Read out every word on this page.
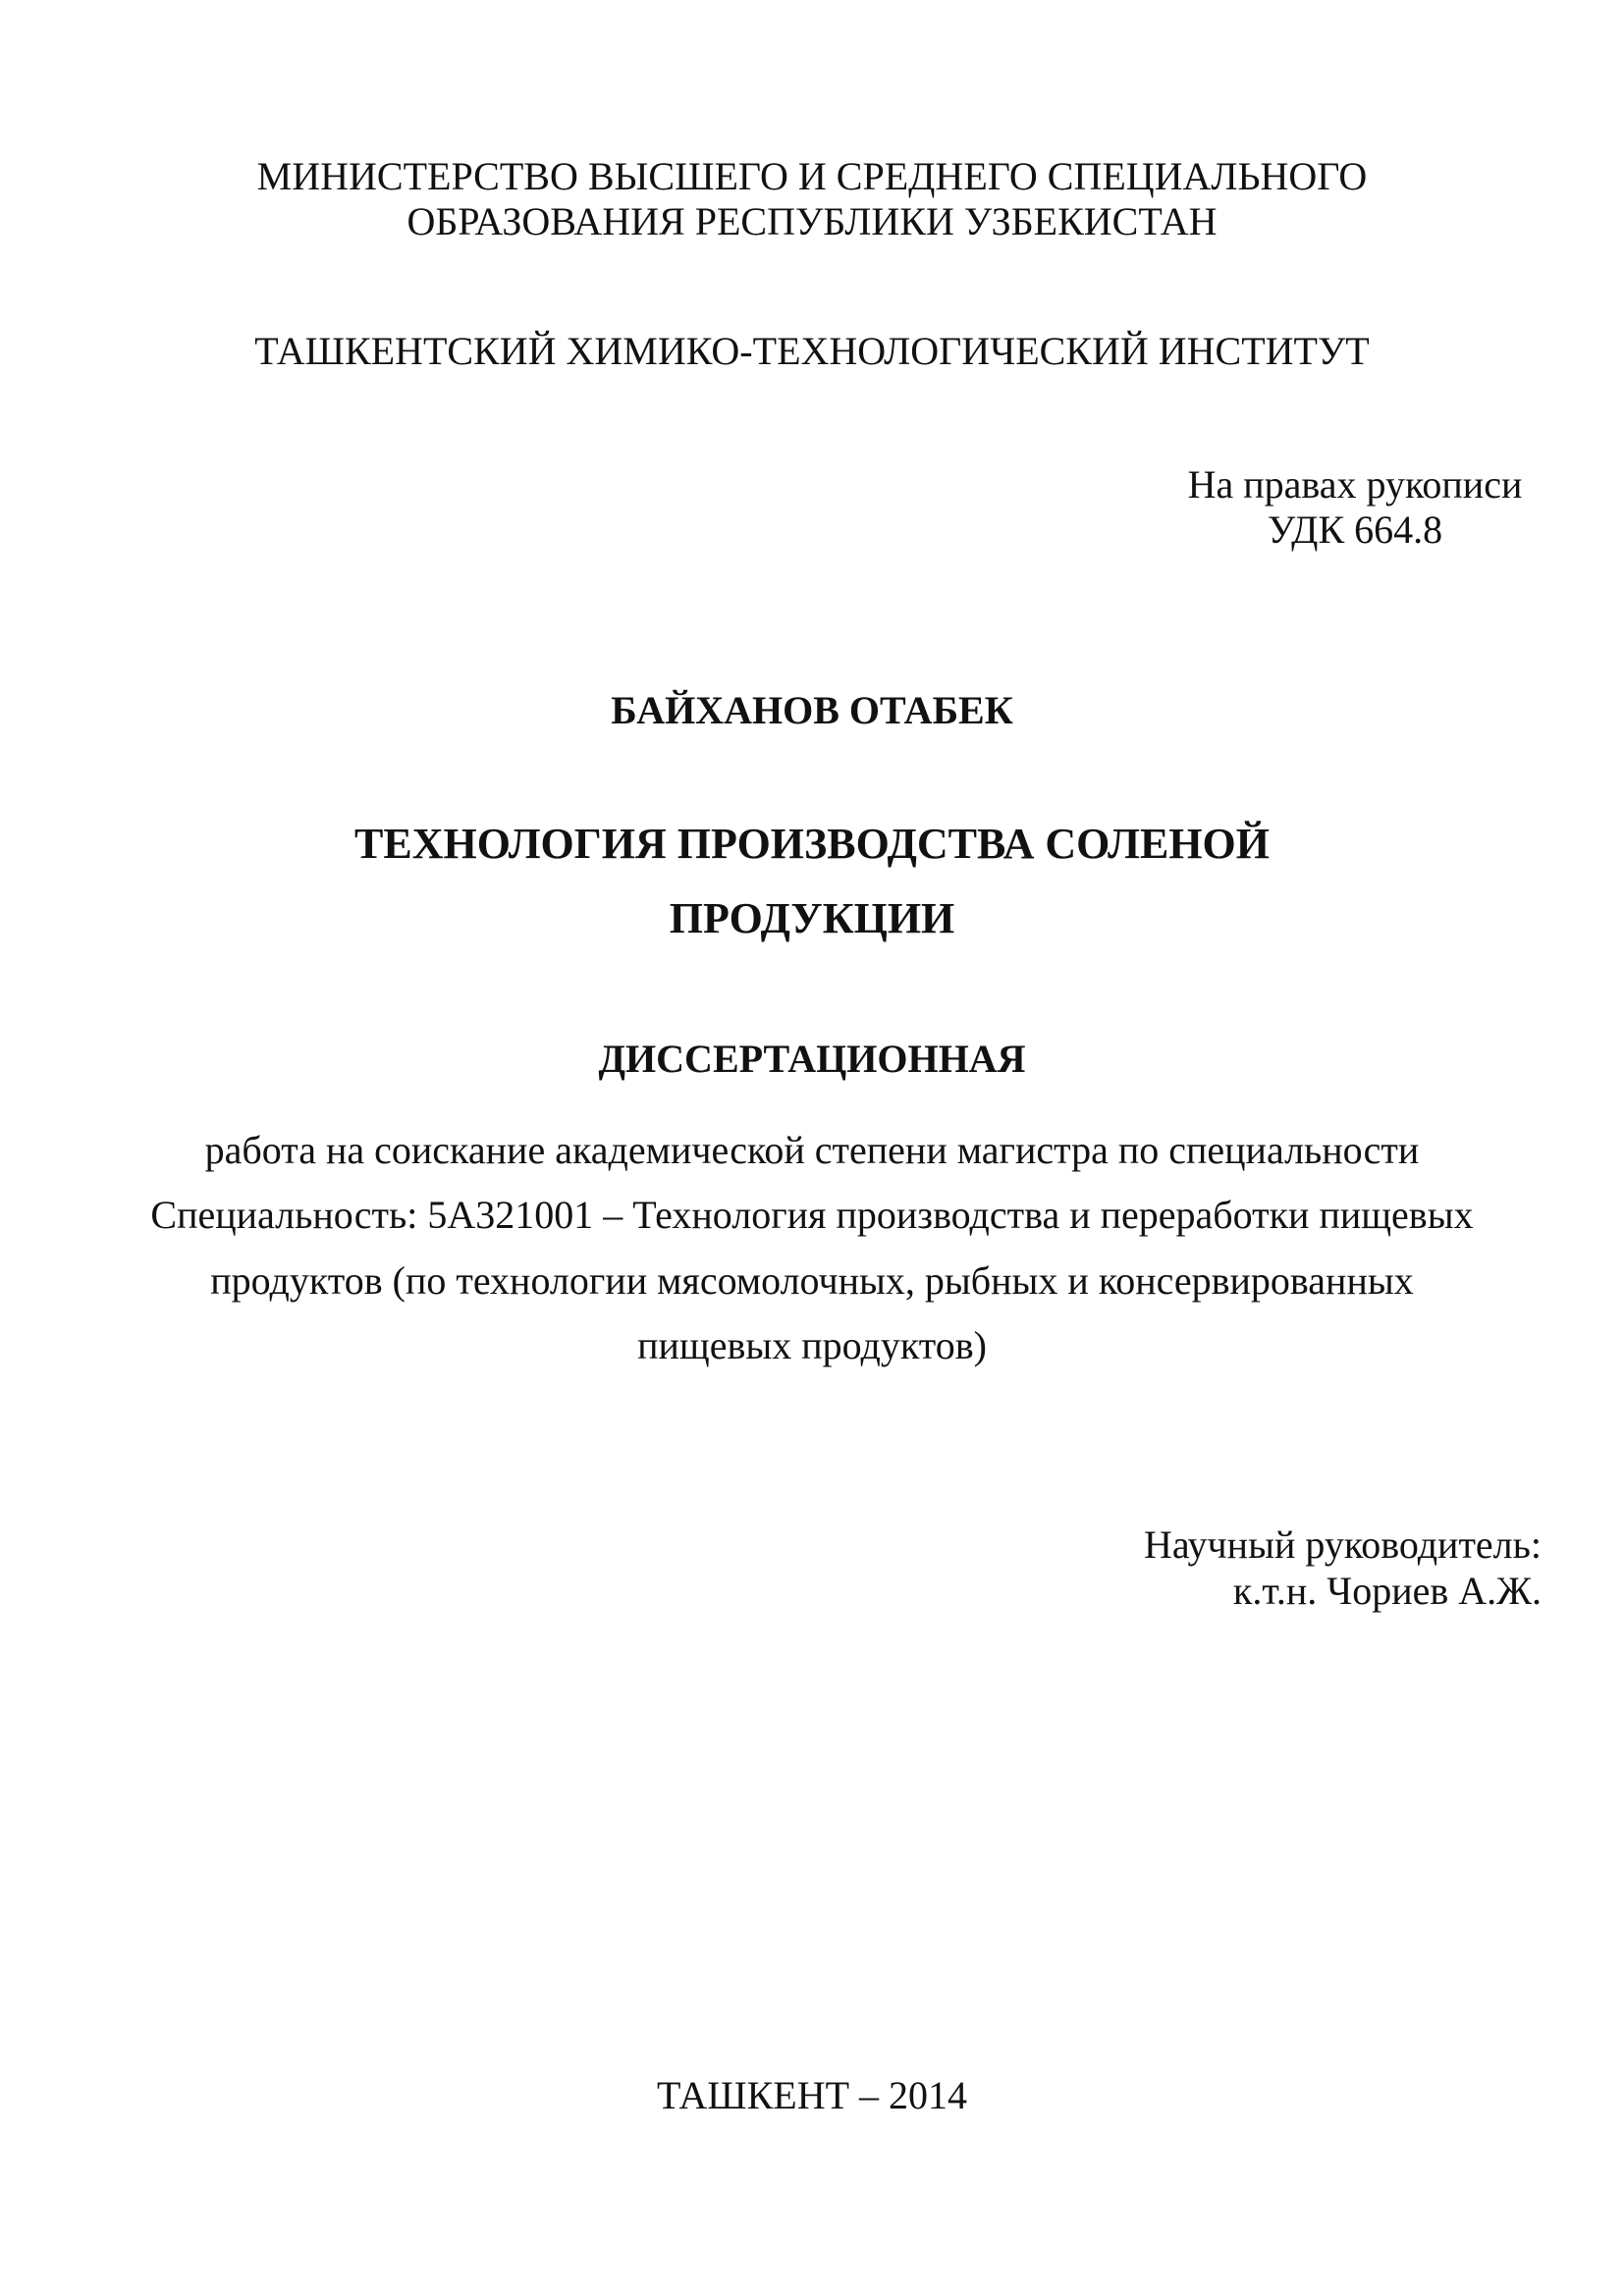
МИНИСТЕРСТВО ВЫСШЕГО И СРЕДНЕГО СПЕЦИАЛЬНОГО
ОБРАЗОВАНИЯ РЕСПУБЛИКИ УЗБЕКИСТАН
ТАШКЕНТСКИЙ ХИМИКО-ТЕХНОЛОГИЧЕСКИЙ ИНСТИТУТ
На правах рукописи
УДК 664.8
БАЙХАНОВ ОТАБЕК
ТЕХНОЛОГИЯ ПРОИЗВОДСТВА СОЛЕНОЙ
ПРОДУКЦИИ
ДИССЕРТАЦИОННАЯ
работа на соискание академической степени магистра по специальности
Специальность: 5А321001 – Технология производства и переработки пищевых
продуктов (по технологии мясомолочных, рыбных и консервированных
пищевых продуктов)
Научный руководитель:
к.т.н. Чориев А.Ж.
ТАШКЕНТ – 2014
